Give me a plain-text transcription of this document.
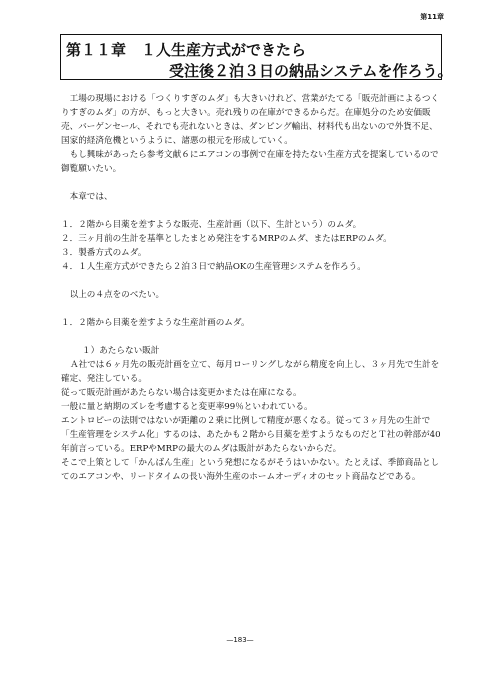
第11章
第１１章　１人生産方式ができたら
受注後２泊３日の納品システムを作ろう。

工場の現場における「つくりすぎのムダ」も大きいけれど、営業がたてる「販売計画によるつくりすぎのムダ」の方が、もっと大きい。売れ残りの在庫ができるからだ。在庫処分のため安価販売、バーゲンセール、それでも売れないときは、ダンピング輸出、材料代も出ないので外貨不足、国家的経済危機というように、諸悪の根元を形成していく。

もし興味があったら参考文献６にエアコンの事例で在庫を持たない生産方式を提案しているので御覧願いたい。

本章では、

１．２階から目薬を差すような販売、生産計画（以下、生計という）のムダ。

２．三ヶ月前の生計を基準としたまとめ発注をするMRPのムダ、またはERPのムダ。

３．製番方式のムダ。

４．１人生産方式ができたら２泊３日で納品OKの生産管理システムを作ろう。

以上の４点をのべたい。

１．２階から目薬を差すような生産計画のムダ。

１）あたらない販計

Ａ社では６ヶ月先の販売計画を立て、毎月ローリングしながら精度を向上し、３ヶ月先で生計を確定、発注している。

従って販売計画があたらない場合は変更かまたは在庫になる。

一般に量と納期のズレを考慮すると変更率99％といわれている。

エントロピーの法則ではないが距離の２乗に比例して精度が悪くなる。従って３ヶ月先の生計で「生産管理をシステム化」するのは、あたかも２階から目薬を差すようなものだとＴ社の幹部が40年前言っている。ERPやMRPの最大のムダは販計があたらないからだ。

そこで上策として「かんばん生産」という発想になるがそうはいかない。たとえば、季節商品としてのエアコンや、リードタイムの長い海外生産のホームオーディオのセット商品などである。

—183—
